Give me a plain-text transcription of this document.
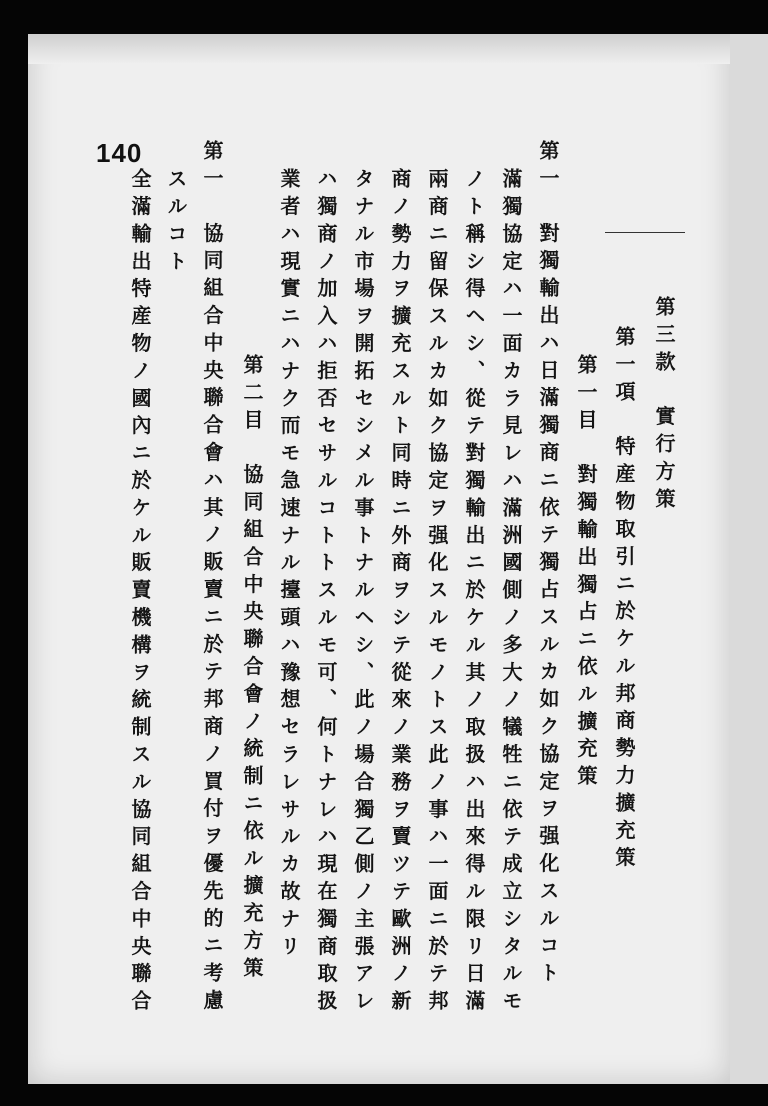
140
第三款　實行方策
第一項　特産物取引ニ於ケル邦商勢力擴充策
第一目　對獨輸出獨占ニ依ル擴充策
第一　對獨輸出ハ日滿獨商ニ依テ獨占スルカ如ク協定ヲ强化スルコト
滿獨協定ハ一面カラ見レハ滿洲國側ノ多大ノ犠牲ニ依テ成立シタルモ
ノト稱シ得ヘシ、從テ對獨輸出ニ於ケル其ノ取扱ハ出來得ル限リ日滿
兩商ニ留保スルカ如ク協定ヲ强化スルモノトス此ノ事ハ一面ニ於テ邦
商ノ勢力ヲ擴充スルト同時ニ外商ヲシテ從來ノ業務ヲ賣ツテ歐洲ノ新
タナル市場ヲ開拓セシメル事トナルヘシ、此ノ場合獨乙側ノ主張アレ
ハ獨商ノ加入ハ拒否セサルコトトスルモ可、何トナレハ現在獨商取扱
業者ハ現實ニハナク而モ急速ナル擡頭ハ豫想セラレサルカ故ナリ
第二目　協同組合中央聯合會ノ統制ニ依ル擴充方策
第一　協同組合中央聯合會ハ其ノ販賣ニ於テ邦商ノ買付ヲ優先的ニ考慮
スルコト
全滿輸出特産物ノ國內ニ於ケル販賣機構ヲ統制スル協同組合中央聯合
